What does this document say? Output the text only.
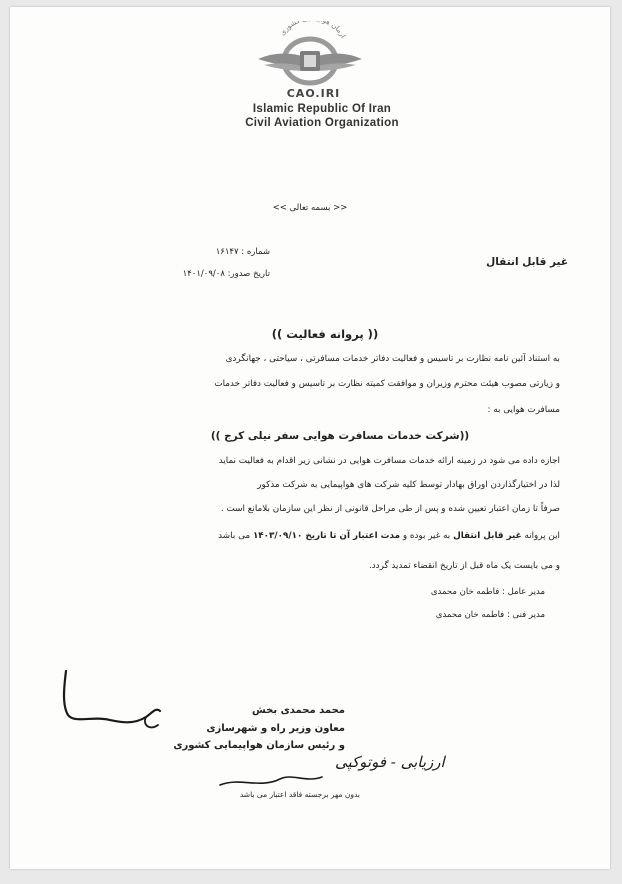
ازمان ه کشوری
CAO.IRI
Islamic Republic Of Iran
Civil Aviation Organization
<< بسمه تعالی >>
غیر قابل انتقال
شماره : ۱۶۱۴۷
تاریخ صدور: ۱۴۰۱/۰۹/۰۸
(( پروانه فعالیت ))
به استناد آئین نامه نظارت بر تاسیس و فعالیت دفاتر خدمات مسافرتی ، سیاحتی ، جهانگردی
و زیارتی مصوب هیئت محترم وزیران و موافقت کمیته نظارت بر تاسیس و فعالیت دفاتر خدمات
مسافرت هوایی به :
((شرکت خدمات مسافرت هوایی سفر نیلی کرج ))
اجازه داده می شود در زمینه ارائه خدمات مسافرت هوایی در نشانی زیر اقدام به فعالیت نماید
لذا در اختیارگذاردن اوراق بهادار توسط کلیه شرکت های هواپیمایی به شرکت مذکور
صرفاً تا زمان اعتبار تعیین شده و پس از طی مراحل قانونی از نظر این سازمان بلامانع است .
این پروانه غیر قابل انتقال به غیر بوده و مدت اعتبار آن تا تاریخ ۱۴۰۳/۰۹/۱۰ می باشد
و می بایست یک ماه قبل از تاریخ انقضاء تمدید گردد.
مدیر عامل : فاطمه خان محمدی
مدیر فنی : فاطمه خان محمدی
محمد محمدی بخش
معاون وزیر راه و شهرسازی
و رئیس سازمان هواپیمایی کشوری
ارزیابی - فوتوکپی
بدون مهر برجسته فاقد اعتبار می باشد
